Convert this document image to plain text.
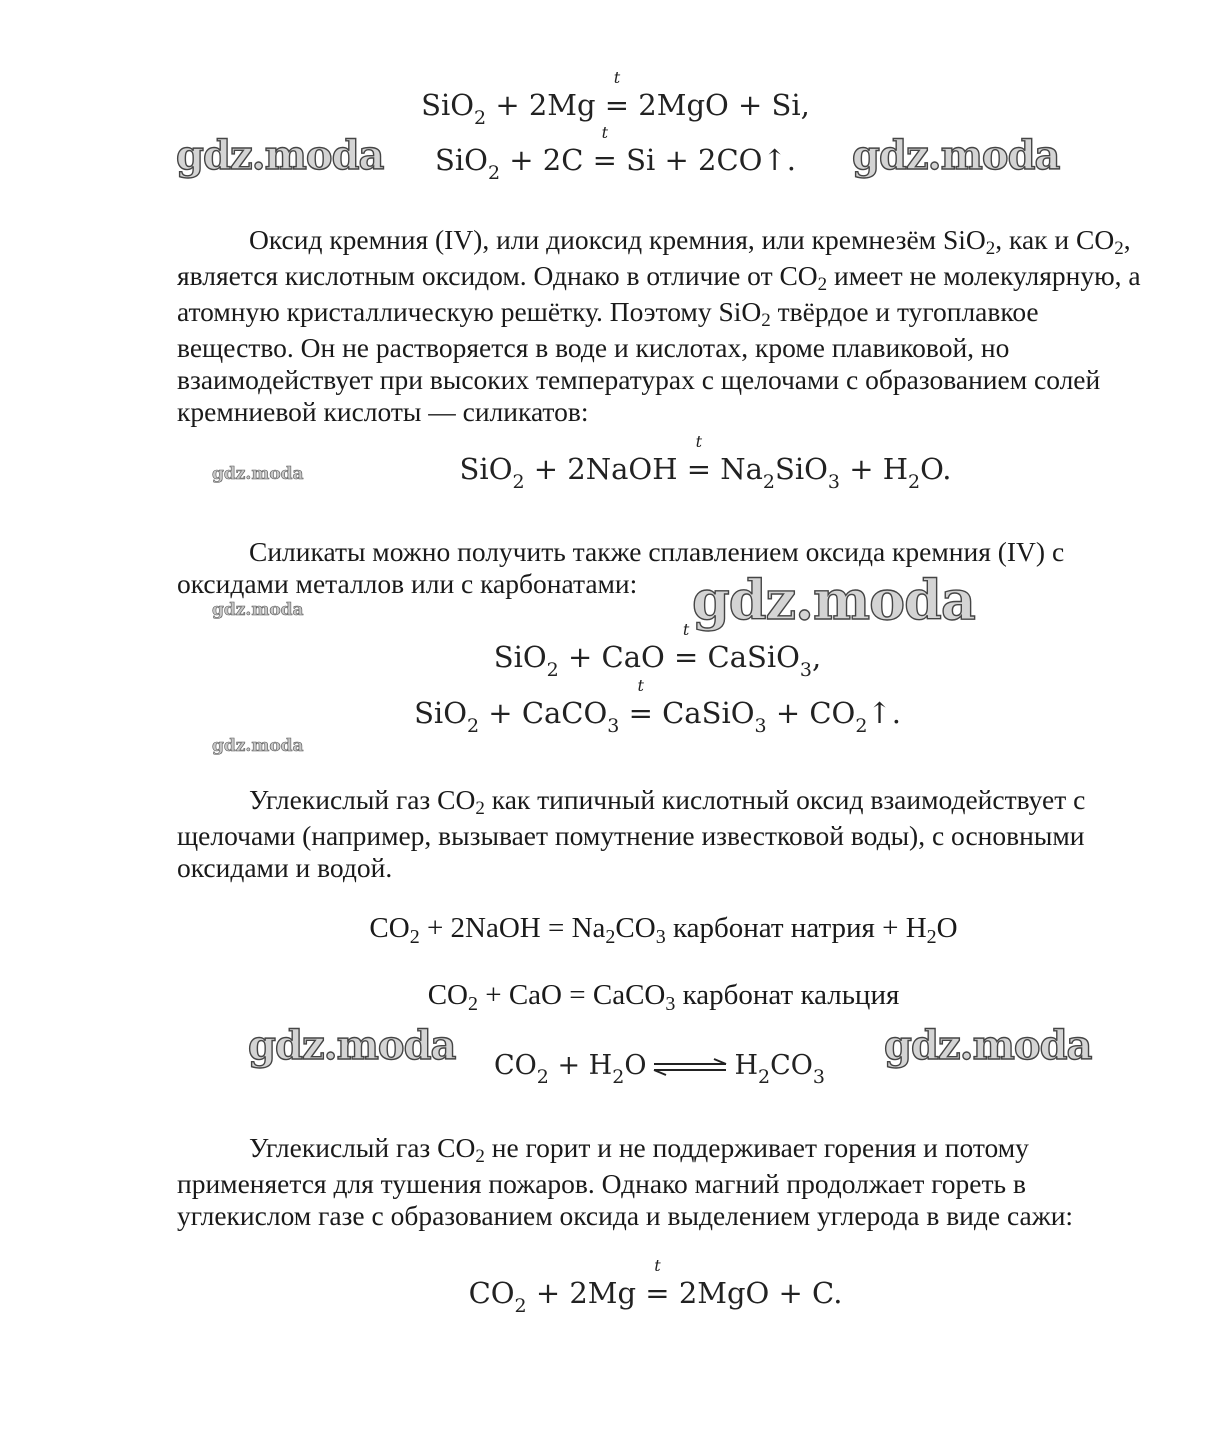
SiO$_2$ + 2Mg
t
= 2MgO + Si,
SiO$_2$ + 2C
t
= Si + 2CO↑.
gdz.moda	gdz.moda

Оксид кремния (IV), или диоксид кремния, или кремнезём SiO2, как и CO2, является кислотным оксидом. Однако в отличие от CO2 имеет не молекулярную, а атомную кристаллическую решётку. Поэтому SiO2 твёрдое и тугоплавкое вещество. Он не растворяется в воде и кислотах, кроме плавиковой, но взаимодействует при высоких температурах с щелочами с образованием солей кремниевой кислоты — силикатов:

SiO$_2$ + 2NaOH
t
= $Na_2SiO_3 + H_2O$.
gdz.moda

Силикаты можно получить также сплавлением оксида кремния (IV) с оксидами металлов или с карбонатами:

gdz.moda	gdz.moda
SiO$_2$ + CaO
t
= CaSiO$_3$,
SiO$_2$ + CaCO$_3$
t
= CaSiO$_3$ + $CO_2↑$.
gdz.moda

Углекислый газ CO2 как типичный кислотный оксид взаимодействует с щелочами (например, вызывает помутнение известковой воды), с основными оксидами и водой.

$CO_2$ + 2NaOH = $Na_2CO_3$ карбонат натрия + $H_2O$
$CO_2$ + CaO = CaCO$_3$ карбонат кальция
$CO_2 + H_2O$ ⇌ $H_2CO_3$
gdz.moda	gdz.moda

Углекислый газ CO2 не горит и не поддерживает горения и потому применяется для тушения пожаров. Однако магний продолжает гореть в углекислом газе с образованием оксида и выделением углерода в виде сажи:

$CO_2 + 2Mg$
t
= 2MgO + C.
